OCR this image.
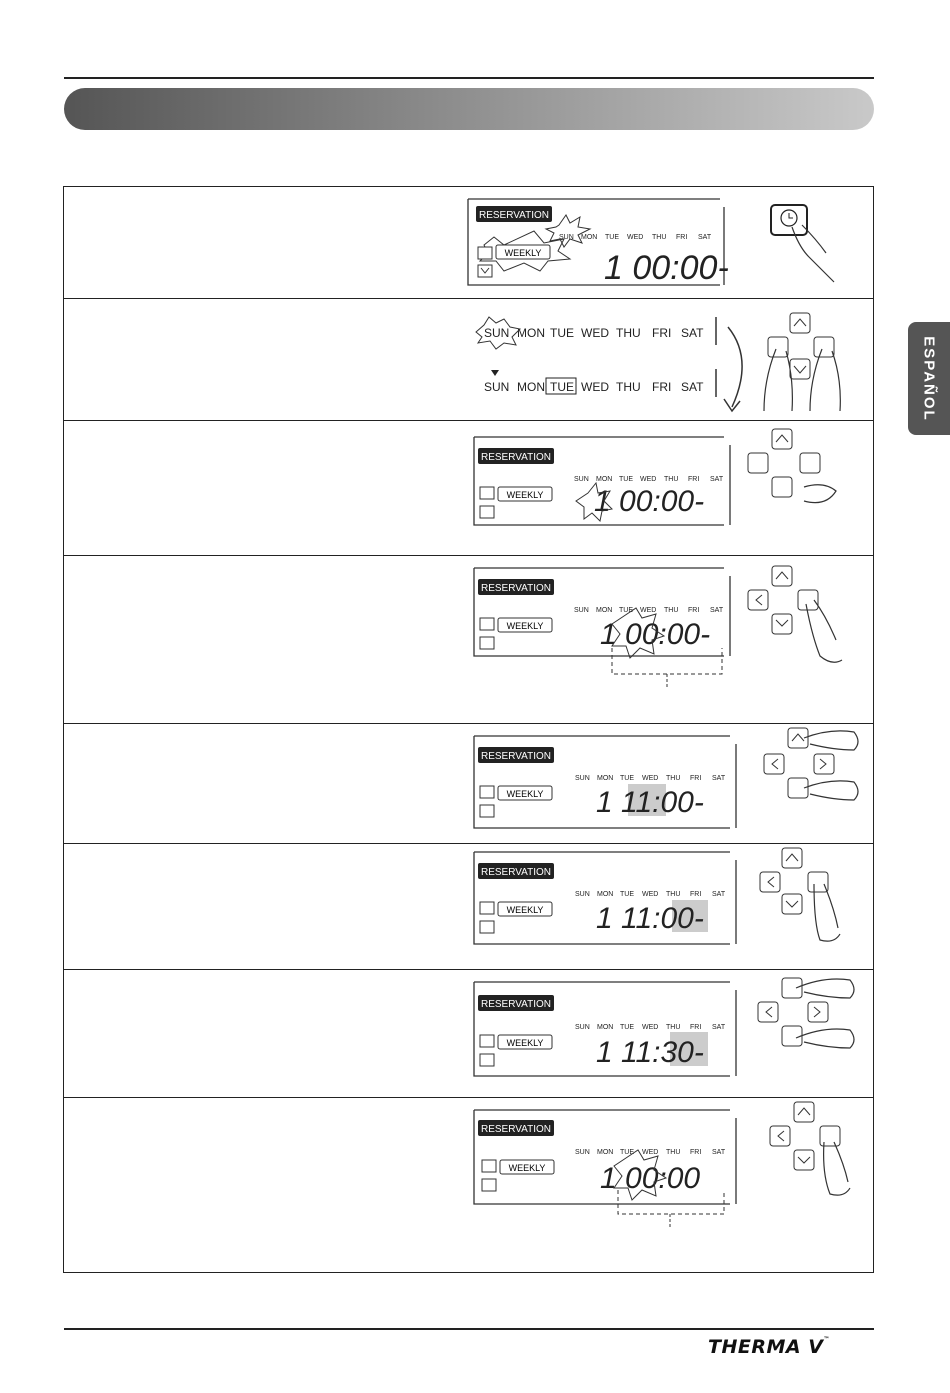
ESPAÑOL
RESERVATION
SUN MON TUE WED THU FRI SAT
WEEKLY 1 00:00-
SUN MON TUE WED THU FRI SAT
SUN MON TUE WED THU FRI SAT
RESERVATION
SUN MON TUE WED THU FRI SAT
WEEKLY 1 00:00-
RESERVATION
SUN MON TUE WED THU FRI SAT
WEEKLY 1 00:00-
RESERVATION
SUN MON TUE WED THU FRI SAT
WEEKLY 1 11:00-
RESERVATION
SUN MON TUE WED THU FRI SAT
WEEKLY 1 11:00-
RESERVATION
SUN MON TUE WED THU FRI SAT
WEEKLY 1 11:30-
RESERVATION
SUN MON TUE WED THU FRI SAT
WEEKLY 1 00:00
THERMA V™
